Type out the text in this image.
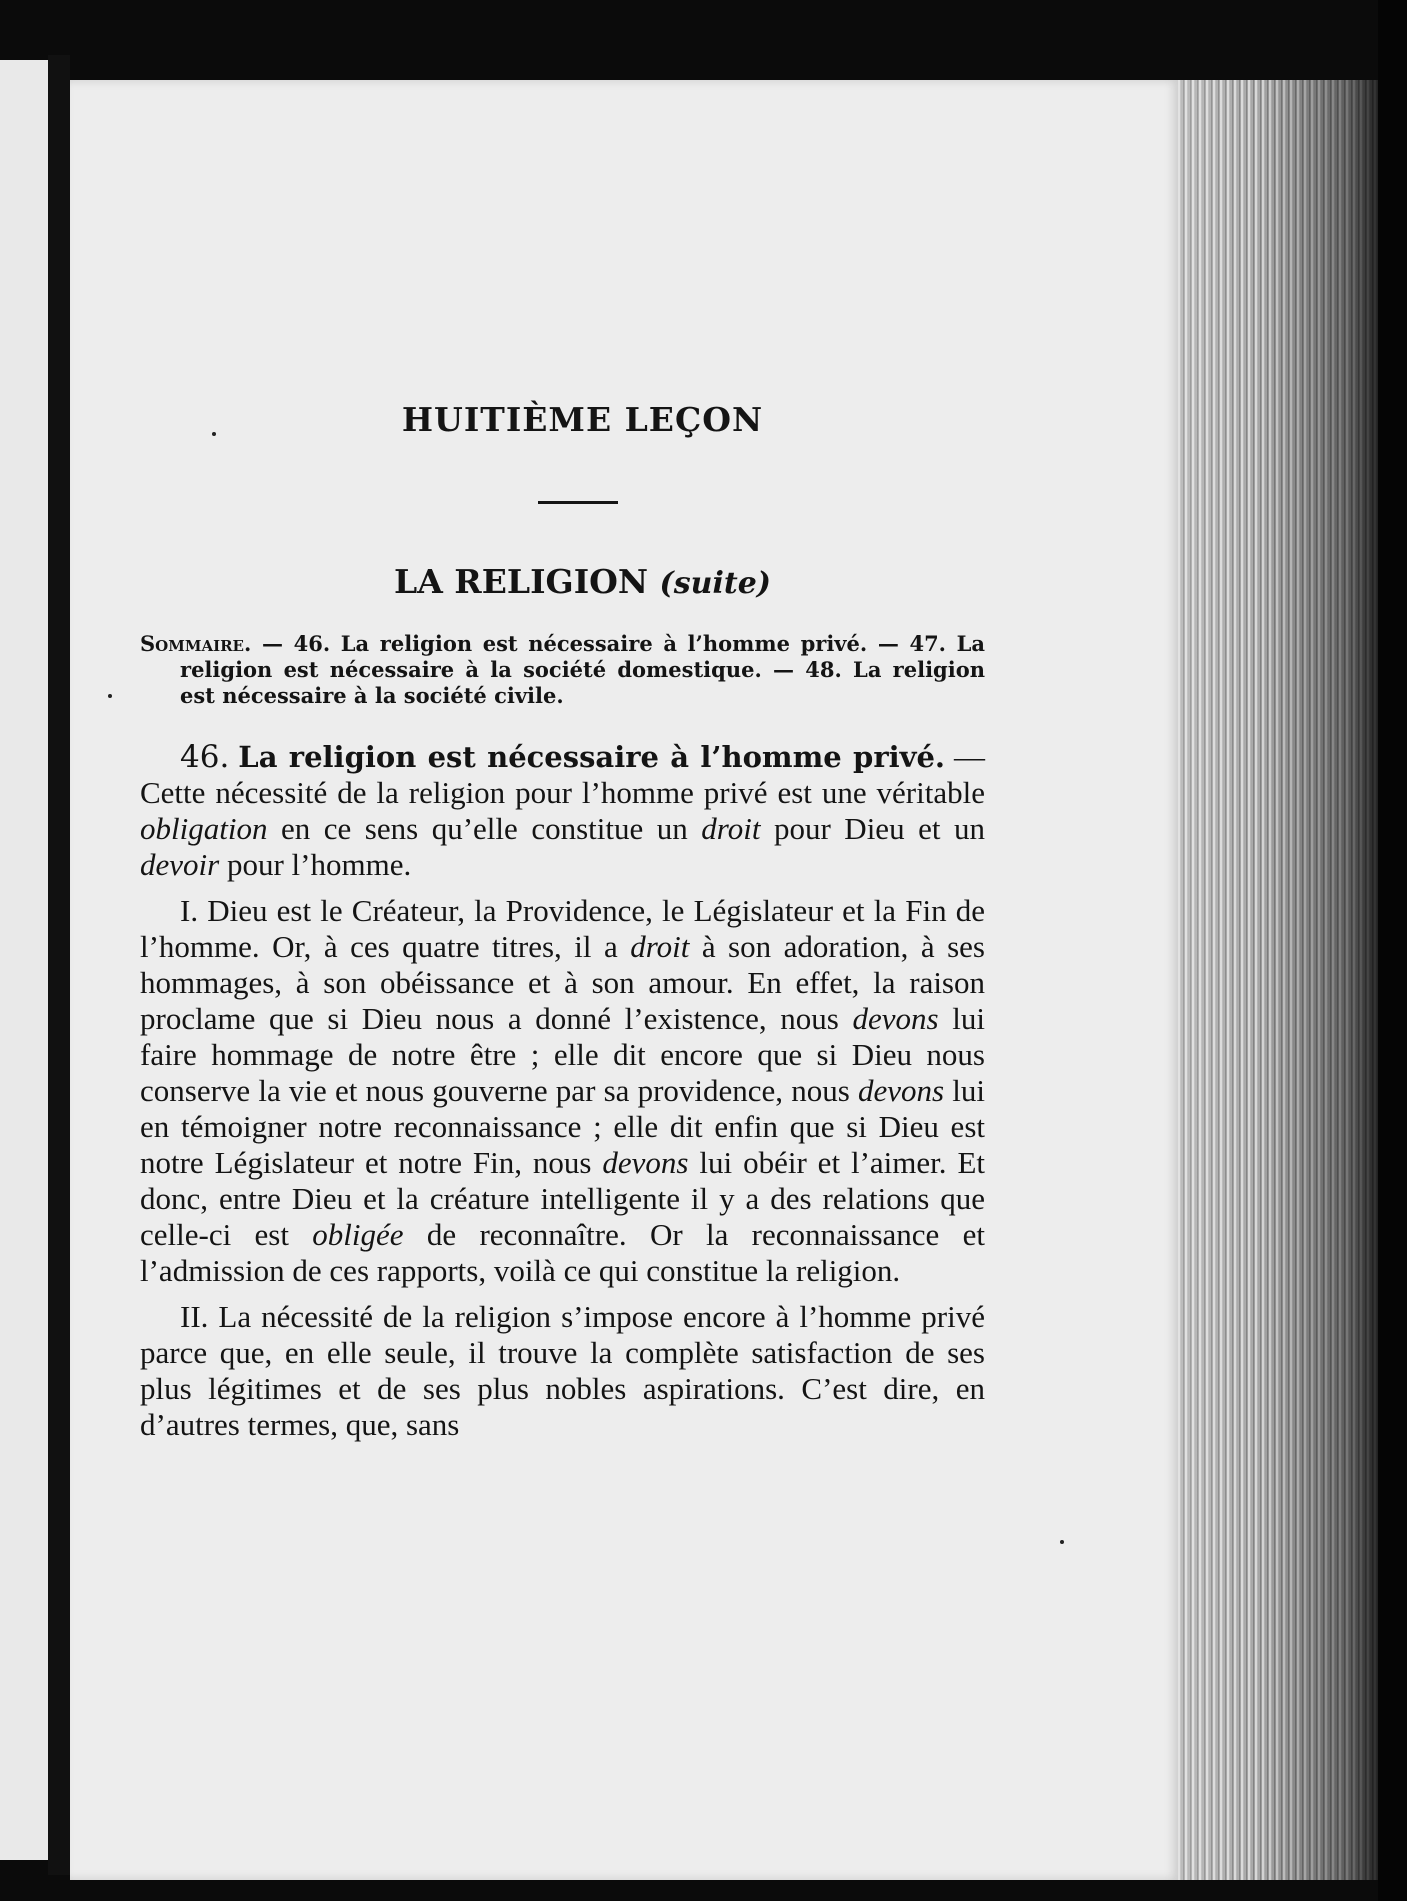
HUITIÈME LEÇON
LA RELIGION (suite)
Sommaire. — 46. La religion est nécessaire à l’homme privé. — 47. La religion est nécessaire à la société domestique. — 48. La religion est nécessaire à la société civile.

46. La religion est nécessaire à l’homme privé. — Cette nécessité de la religion pour l’homme privé est une véritable obligation en ce sens qu’elle constitue un droit pour Dieu et un devoir pour l’homme.

I. Dieu est le Créateur, la Providence, le Législateur et la Fin de l’homme. Or, à ces quatre titres, il a droit à son adoration, à ses hommages, à son obéissance et à son amour. En effet, la raison proclame que si Dieu nous a donné l’existence, nous devons lui faire hommage de notre être ; elle dit encore que si Dieu nous conserve la vie et nous gouverne par sa providence, nous devons lui en témoigner notre reconnaissance ; elle dit enfin que si Dieu est notre Législateur et notre Fin, nous devons lui obéir et l’aimer. Et donc, entre Dieu et la créature intelligente il y a des relations que celle-ci est obligée de reconnaître. Or la reconnaissance et l’admission de ces rapports, voilà ce qui constitue la religion.

II. La nécessité de la religion s’impose encore à l’homme privé parce que, en elle seule, il trouve la complète satisfaction de ses plus légitimes et de ses plus nobles aspirations. C’est dire, en d’autres termes, que, sans
